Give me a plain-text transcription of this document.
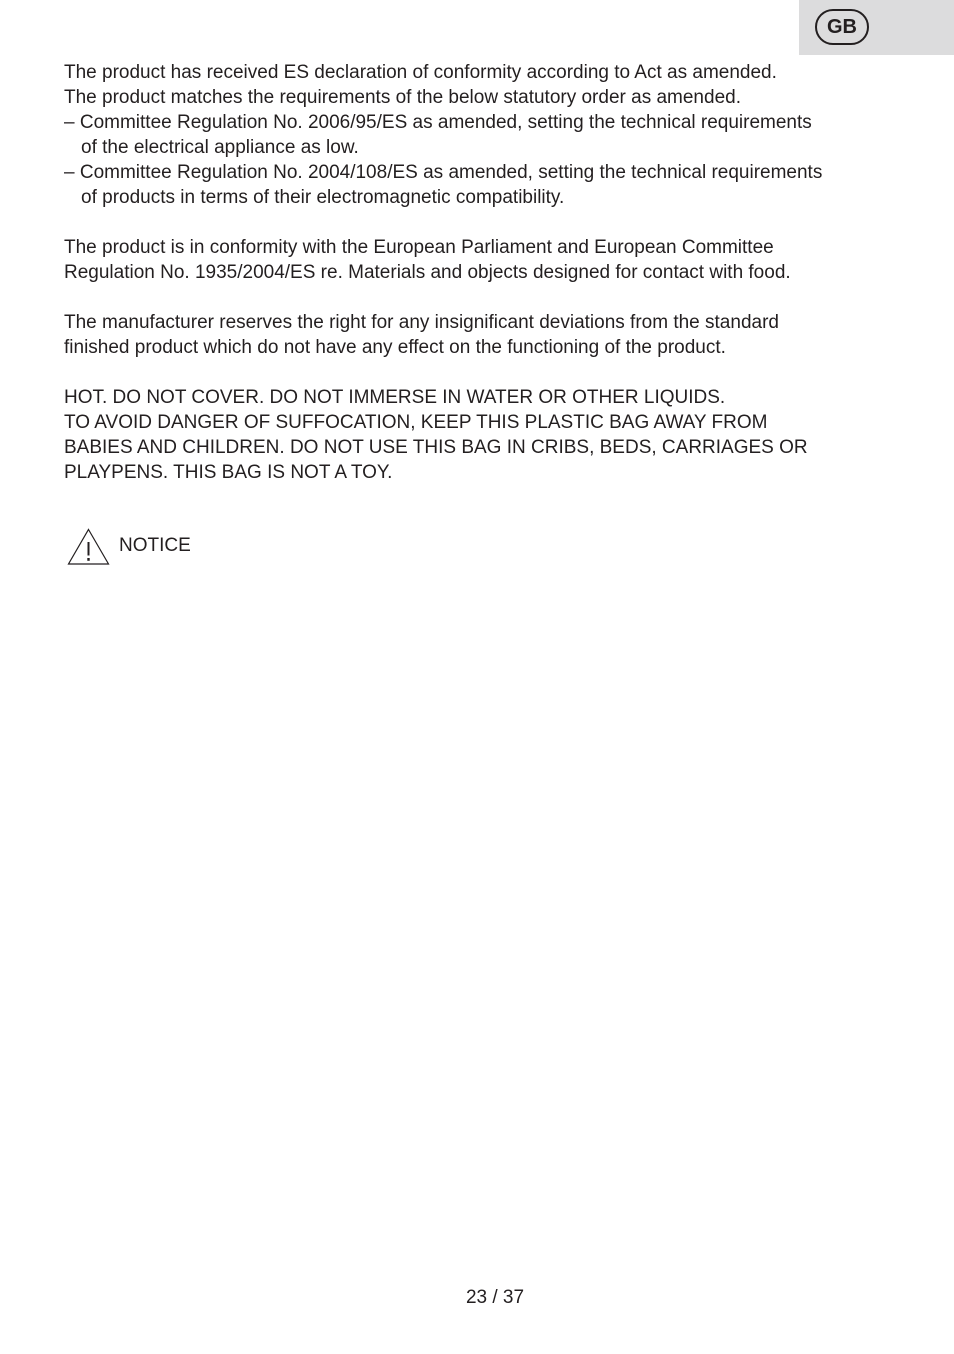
GB
The product has received ES declaration of conformity according to Act as amended.
The product matches the requirements of the below statutory order as amended.
– Committee Regulation No. 2006/95/ES as amended, setting the technical requirements
of the electrical appliance as low.
– Committee Regulation No. 2004/108/ES as amended, setting the technical requirements
of products in terms of their electromagnetic compatibility.
The product is in conformity with the European Parliament and European Committee
Regulation No. 1935/2004/ES re. Materials and objects designed for contact with food.
The manufacturer reserves the right for any insignificant deviations from the standard
finished product which do not have any effect on the functioning of the product.
HOT. DO NOT COVER. DO NOT IMMERSE IN WATER OR OTHER LIQUIDS.
TO AVOID DANGER OF SUFFOCATION, KEEP THIS PLASTIC BAG AWAY FROM
BABIES AND CHILDREN. DO NOT USE THIS BAG IN CRIBS, BEDS, CARRIAGES OR
PLAYPENS. THIS BAG IS NOT A TOY.
NOTICE
23 / 37
